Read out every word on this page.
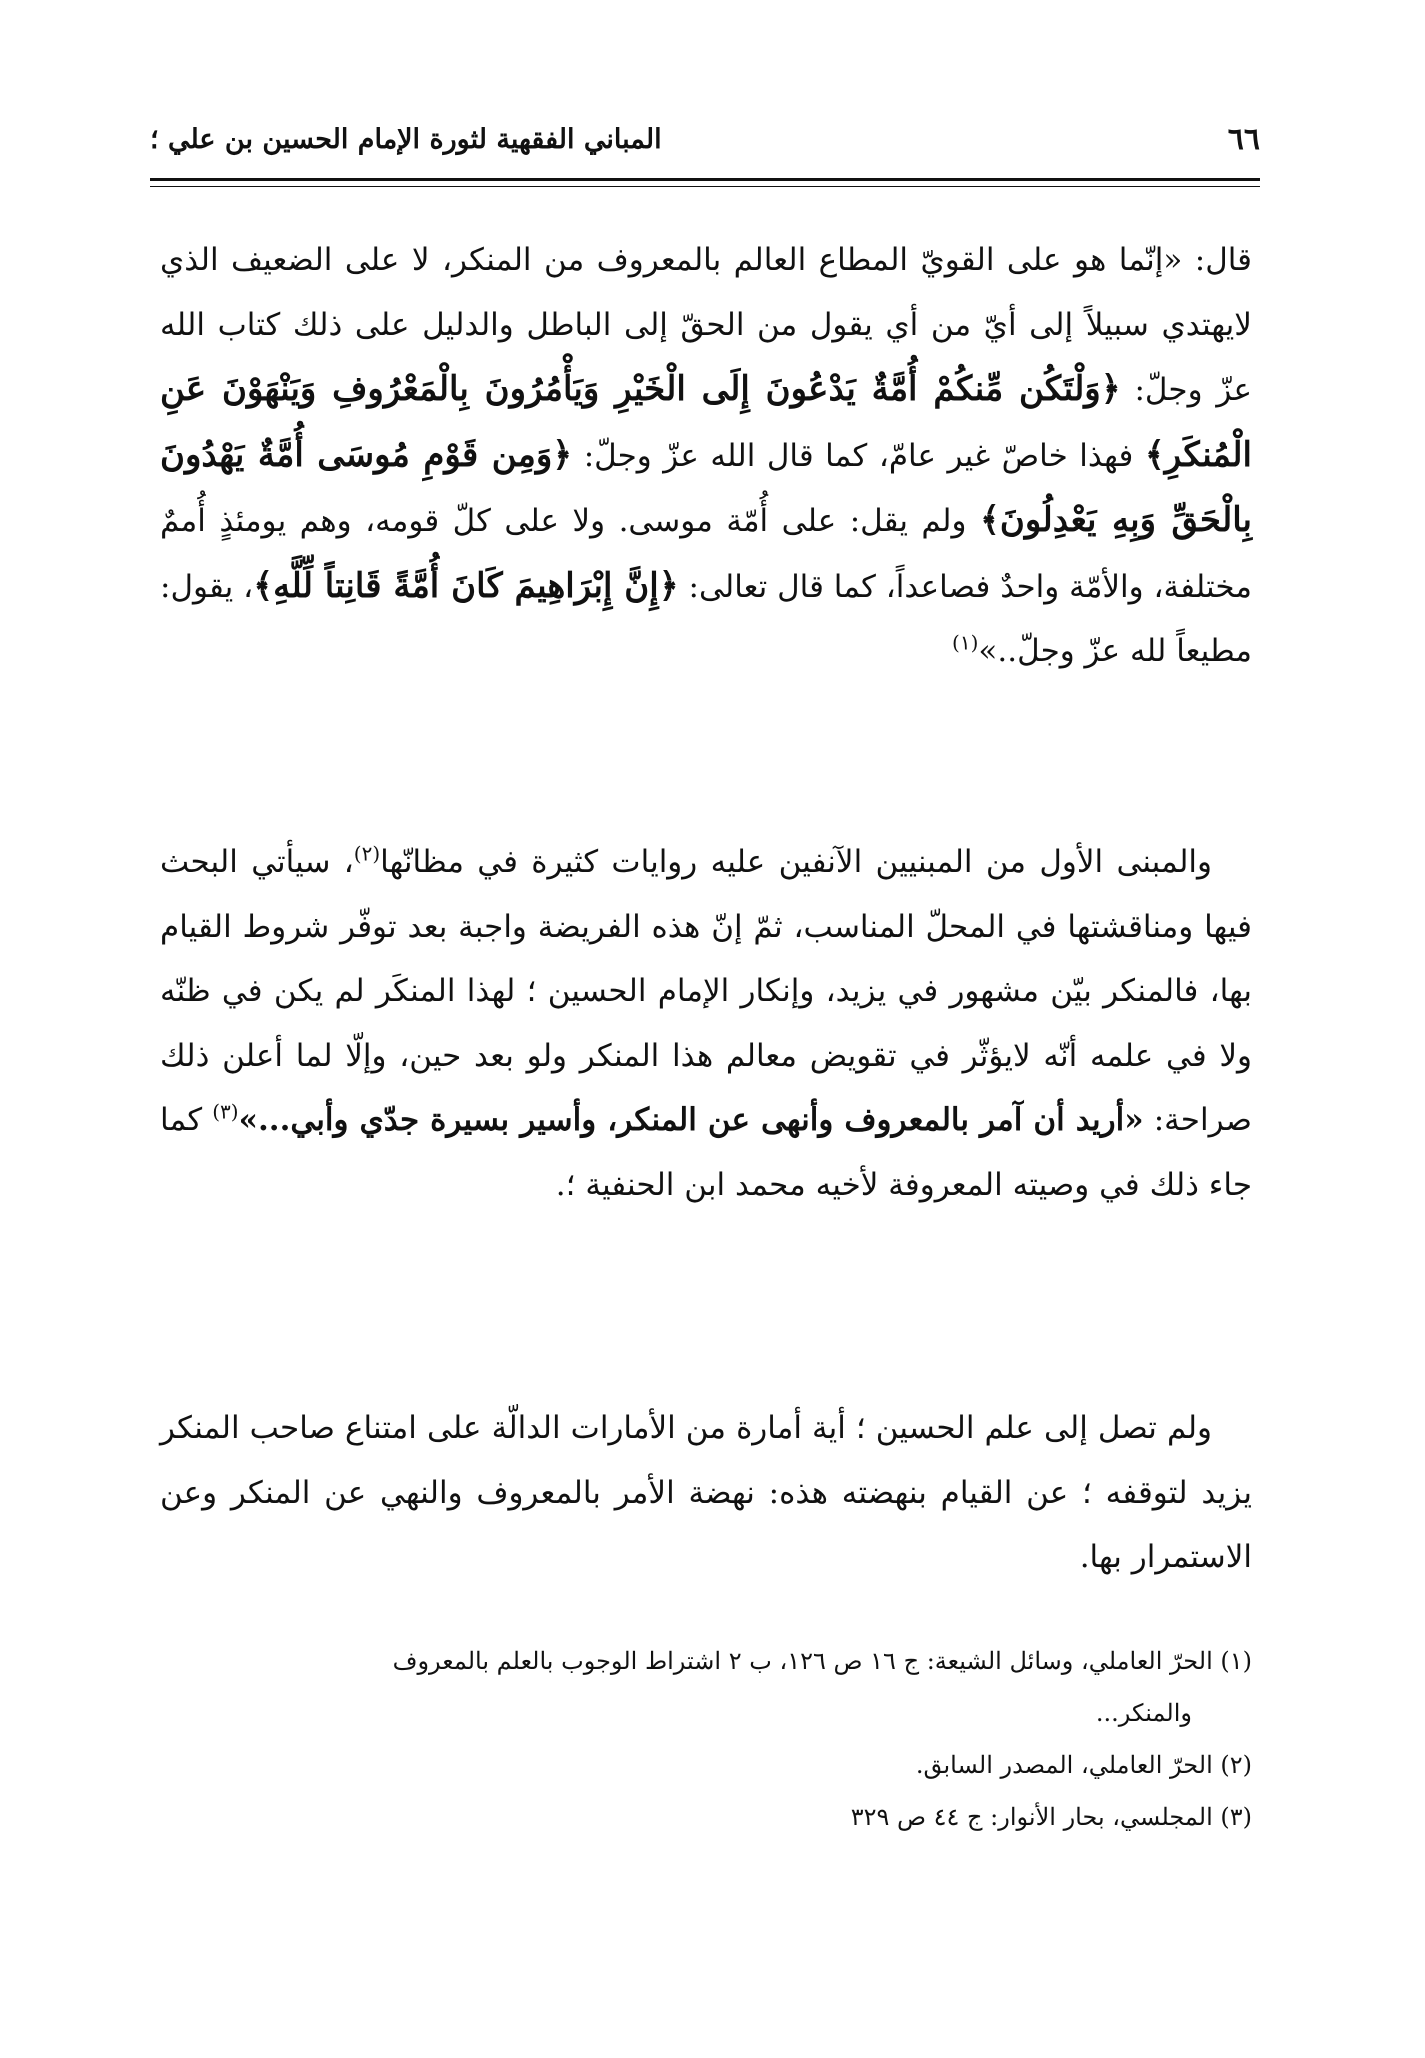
٦٦
المباني الفقهية لثورة الإمام الحسين بن علي ؛

قال: «إنّما هو على القويّ المطاع العالم بالمعروف من المنكر، لا على الضعيف الذي لايهتدي سبيلاً إلى أيّ من أي يقول من الحقّ إلى الباطل والدليل على ذلك كتاب الله عزّ وجلّ: ﴿وَلْتَكُن مِّنكُمْ أُمَّةٌ يَدْعُونَ إِلَى الْخَيْرِ وَيَأْمُرُونَ بِالْمَعْرُوفِ وَيَنْهَوْنَ عَنِ الْمُنكَرِ﴾ فهذا خاصّ غير عامّ، كما قال الله عزّ وجلّ: ﴿وَمِن قَوْمِ مُوسَى أُمَّةٌ يَهْدُونَ بِالْحَقِّ وَبِهِ يَعْدِلُونَ﴾ ولم يقل: على أُمّة موسى. ولا على كلّ قومه، وهم يومئذٍ أُممٌ مختلفة، والأمّة واحدٌ فصاعداً، كما قال تعالى: ﴿إِنَّ إِبْرَاهِيمَ كَانَ أُمَّةً قَانِتاً لِّلَّهِ﴾، يقول: مطيعاً لله عزّ وجلّ..»$^{(١)}$

والمبنى الأول من المبنيين الآنفين عليه روايات كثيرة في مظانّها$^{(٢)}$، سيأتي البحث فيها ومناقشتها في المحلّ المناسب، ثمّ إنّ هذه الفريضة واجبة بعد توفّر شروط القيام بها، فالمنكر بيّن مشهور في يزيد، وإنكار الإمام الحسين ؛ لهذا المنكَر لم يكن في ظنّه ولا في علمه أنّه لايؤثّر في تقويض معالم هذا المنكر ولو بعد حين، وإلّا لما أعلن ذلك صراحة: «أريد أن آمر بالمعروف وأنهى عن المنكر، وأسير بسيرة جدّي وأبي...»$^{(٣)}$ كما جاء ذلك في وصيته المعروفة لأخيه محمد ابن الحنفية ؛.

ولم تصل إلى علم الحسين ؛ أية أمارة من الأمارات الدالّة على امتناع صاحب المنكر يزيد لتوقفه ؛ عن القيام بنهضته هذه: نهضة الأمر بالمعروف والنهي عن المنكر وعن الاستمرار بها.

(١) الحرّ العاملي، وسائل الشيعة: ج ١٦ ص ١٢٦، ب ٢ اشتراط الوجوب بالعلم بالمعروف

والمنكر...

(٢) الحرّ العاملي، المصدر السابق.

(٣) المجلسي، بحار الأنوار: ج ٤٤ ص ٣٢٩
